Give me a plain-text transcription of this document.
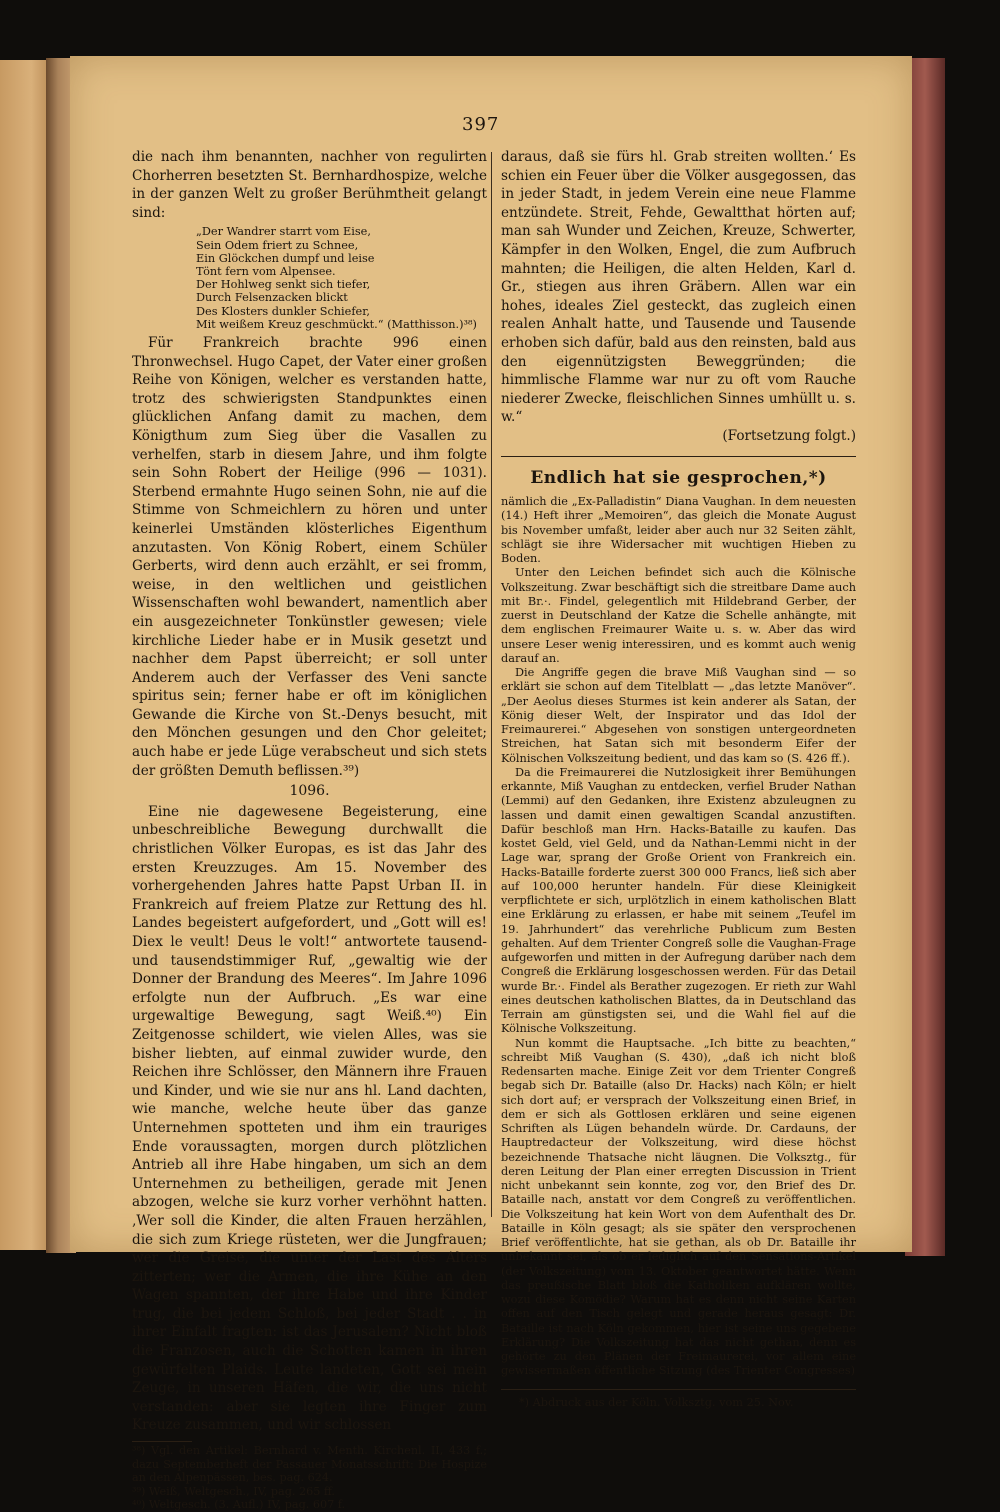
397

die nach ihm benannten, nachher von regulirten Chorherren besetzten St. Bernhardhospize, welche in der ganzen Welt zu großer Berühmtheit gelangt sind:

„Der Wandrer starrt vom Eise,
Sein Odem friert zu Schnee,
Ein Glöckchen dumpf und leise
Tönt fern vom Alpensee.
Der Hohlweg senkt sich tiefer,
Durch Felsenzacken blickt
Des Klosters dunkler Schiefer,
Mit weißem Kreuz geschmückt.“ (Matthisson.)³⁸)

Für Frankreich brachte 996 einen Thronwechsel. Hugo Capet, der Vater einer großen Reihe von Königen, welcher es verstanden hatte, trotz des schwierigsten Standpunktes einen glücklichen Anfang damit zu machen, dem Königthum zum Sieg über die Vasallen zu verhelfen, starb in diesem Jahre, und ihm folgte sein Sohn Robert der Heilige (996 — 1031). Sterbend ermahnte Hugo seinen Sohn, nie auf die Stimme von Schmeichlern zu hören und unter keinerlei Umständen klösterliches Eigenthum anzutasten. Von König Robert, einem Schüler Gerberts, wird denn auch erzählt, er sei fromm, weise, in den weltlichen und geistlichen Wissenschaften wohl bewandert, namentlich aber ein ausgezeichneter Tonkünstler gewesen; viele kirchliche Lieder habe er in Musik gesetzt und nachher dem Papst überreicht; er soll unter Anderem auch der Verfasser des Veni sancte spiritus sein; ferner habe er oft im königlichen Gewande die Kirche von St.-Denys besucht, mit den Mönchen gesungen und den Chor geleitet; auch habe er jede Lüge verabscheut und sich stets der größten Demuth beflissen.³⁹)

1096.

Eine nie dagewesene Begeisterung, eine unbeschreibliche Bewegung durchwallt die christlichen Völker Europas, es ist das Jahr des ersten Kreuzzuges. Am 15. November des vorhergehenden Jahres hatte Papst Urban II. in Frankreich auf freiem Platze zur Rettung des hl. Landes begeistert aufgefordert, und „Gott will es! Diex le veult! Deus le volt!“ antwortete tausend- und tausendstimmiger Ruf, „gewaltig wie der Donner der Brandung des Meeres“. Im Jahre 1096 erfolgte nun der Aufbruch. „Es war eine urgewaltige Bewegung, sagt Weiß.⁴⁰) Ein Zeitgenosse schildert, wie vielen Alles, was sie bisher liebten, auf einmal zuwider wurde, den Reichen ihre Schlösser, den Männern ihre Frauen und Kinder, und wie sie nur ans hl. Land dachten, wie manche, welche heute über das ganze Unternehmen spotteten und ihm ein trauriges Ende voraussagten, morgen durch plötzlichen Antrieb all ihre Habe hingaben, um sich an dem Unternehmen zu betheiligen, gerade mit Jenen abzogen, welche sie kurz vorher verhöhnt hatten. ‚Wer soll die Kinder, die alten Frauen herzählen, die sich zum Kriege rüsteten, wer die Jungfrauen; wer die Greise, die unter der Last des Alters zitterten; wer die Armen, die ihre Kühe an den Wagen spannten, der ihre Habe und ihre Kinder trug, die bei jedem Schloß, bei jeder Stadt . . in ihrer Einfalt fragten: ist das Jerusalem? Nicht bloß die Franzosen, auch die Schotten kamen in ihren gewürfelten Plaids. Leute landeten, Gott sei mein Zeuge, in unseren Häfen, die wir, die uns nicht verstanden: aber sie legten ihre Finger zum Kreuze zusammen, und wir schlossen

³⁸) Vgl. den Artikel: Bernhard v. Menth. Kirchenl. II, 433 f.; dazu Septemberheft der Passauer Monatsschrift: Die Hospize an den Alpenpässen, bes. pag. 624.
³⁹) Weiß, Weltgesch., IV, pag. 265 ff.
⁴⁰) Weltgesch. (3. Aufl.) IV, pag. 607 f.

daraus, daß sie fürs hl. Grab streiten wollten.‘ Es schien ein Feuer über die Völker ausgegossen, das in jeder Stadt, in jedem Verein eine neue Flamme entzündete. Streit, Fehde, Gewaltthat hörten auf; man sah Wunder und Zeichen, Kreuze, Schwerter, Kämpfer in den Wolken, Engel, die zum Aufbruch mahnten; die Heiligen, die alten Helden, Karl d. Gr., stiegen aus ihren Gräbern. Allen war ein hohes, ideales Ziel gesteckt, das zugleich einen realen Anhalt hatte, und Tausende und Tausende erhoben sich dafür, bald aus den reinsten, bald aus den eigennützigsten Beweggründen; die himmlische Flamme war nur zu oft vom Rauche niederer Zwecke, fleischlichen Sinnes umhüllt u. s. w.“

(Fortsetzung folgt.)
Endlich hat sie gesprochen,*)

nämlich die „Ex-Palladistin“ Diana Vaughan. In dem neuesten (14.) Heft ihrer „Memoiren“, das gleich die Monate August bis November umfaßt, leider aber auch nur 32 Seiten zählt, schlägt sie ihre Widersacher mit wuchtigen Hieben zu Boden.

Unter den Leichen befindet sich auch die Kölnische Volkszeitung. Zwar beschäftigt sich die streitbare Dame auch mit Br.·. Findel, gelegentlich mit Hildebrand Gerber, der zuerst in Deutschland der Katze die Schelle anhängte, mit dem englischen Freimaurer Waite u. s. w. Aber das wird unsere Leser wenig interessiren, und es kommt auch wenig darauf an.

Die Angriffe gegen die brave Miß Vaughan sind — so erklärt sie schon auf dem Titelblatt — „das letzte Manöver“. „Der Aeolus dieses Sturmes ist kein anderer als Satan, der König dieser Welt, der Inspirator und das Idol der Freimaurerei.“ Abgesehen von sonstigen untergeordneten Streichen, hat Satan sich mit besonderm Eifer der Kölnischen Volkszeitung bedient, und das kam so (S. 426 ff.).

Da die Freimaurerei die Nutzlosigkeit ihrer Bemühungen erkannte, Miß Vaughan zu entdecken, verfiel Bruder Nathan (Lemmi) auf den Gedanken, ihre Existenz abzuleugnen zu lassen und damit einen gewaltigen Scandal anzustiften. Dafür beschloß man Hrn. Hacks-Bataille zu kaufen. Das kostet Geld, viel Geld, und da Nathan-Lemmi nicht in der Lage war, sprang der Große Orient von Frankreich ein. Hacks-Bataille forderte zuerst 300 000 Francs, ließ sich aber auf 100,000 herunter handeln. Für diese Kleinigkeit verpflichtete er sich, urplötzlich in einem katholischen Blatt eine Erklärung zu erlassen, er habe mit seinem „Teufel im 19. Jahrhundert“ das verehrliche Publicum zum Besten gehalten. Auf dem Trienter Congreß solle die Vaughan-Frage aufgeworfen und mitten in der Aufregung darüber nach dem Congreß die Erklärung losgeschossen werden. Für das Detail wurde Br.·. Findel als Berather zugezogen. Er rieth zur Wahl eines deutschen katholischen Blattes, da in Deutschland das Terrain am günstigsten sei, und die Wahl fiel auf die Kölnische Volkszeitung.

Nun kommt die Hauptsache. „Ich bitte zu beachten,“ schreibt Miß Vaughan (S. 430), „daß ich nicht bloß Redensarten mache. Einige Zeit vor dem Trienter Congreß begab sich Dr. Bataille (also Dr. Hacks) nach Köln; er hielt sich dort auf; er versprach der Volkszeitung einen Brief, in dem er sich als Gottlosen erklären und seine eigenen Schriften als Lügen behandeln würde. Dr. Cardauns, der Hauptredacteur der Volkszeitung, wird diese höchst bezeichnende Thatsache nicht läugnen. Die Volksztg., für deren Leitung der Plan einer erregten Discussion in Trient nicht unbekannt sein konnte, zog vor, den Brief des Dr. Bataille nach, anstatt vor dem Congreß zu veröffentlichen. Die Volkszeitung hat kein Wort von dem Aufenthalt des Dr. Bataille in Köln gesagt; als sie später den versprochenen Brief veröffentlichte, hat sie gethan, als ob Dr. Bataille ihr unbekannt sei, als ob er lediglich auf den Sensations-Artikel (der Volkszeitung) vom 13. Oktober geantwortet hätte. Wenn das preußische Blatt bloß die Katholiken aufklären wollte, wozu diese Komödie? Warum hat es denn nicht seine Karten offen auf den Tisch gelegt und gerade heraus gesagt: Dr. Bataille ist nach Köln gekommen, hier ist seine uns gegebene Erklärung? Die Volkszeitung hat das nicht gethan, denn es gehörte zu den Plänen der Freimaurerei, vor allem eine gewissermaßen öffentliche Sitzung (des Trienter Congresses)

*) Abdruck aus der Köln. Volksztg. vom 25. Nov.
